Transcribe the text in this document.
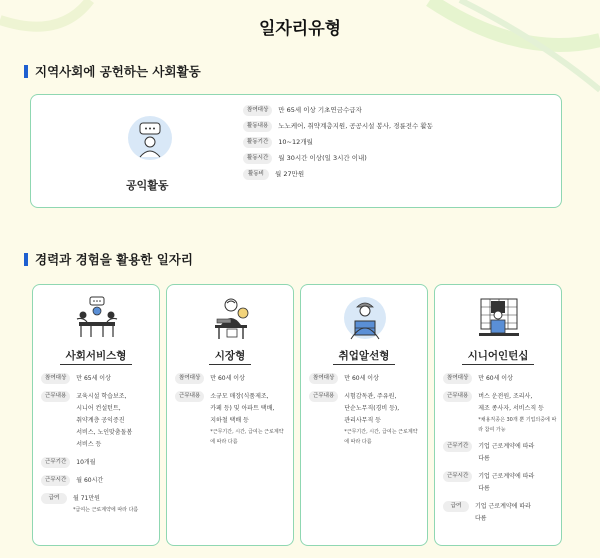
일자리유형
지역사회에 공헌하는 사회활동
공익활동
참여대상	만 65세 이상 기초연금수급자
활동내용	노노케어, 취약계층지원, 공공시설 봉사, 경륜전수 활동
활동기간	10~12개월
활동시간	월 30시간 이상(일 3시간 이내)
활동비	월 27만원
경력과 경험을 활용한 일자리
사회서비스형
참여대상	만 65세 이상
근무내용	교육시설 학습보조,
시니어 컨설턴트,
취약계층 공익증진
서비스, 노인맞춤돌봄
서비스 등
근무기간	10개월
근무시간	월 60시간
급여	월 71만원
*급여는 근로계약에 따라 다름
시장형
참여대상	만 60세 이상
근무내용	소규모 매장(식품제조,
카페 등) 및 아파트 택배,
지하철 택배 등
*근무기간, 시간, 급여는 근로계약에 따라 다름
취업알선형
참여대상	만 60세 이상
근무내용	시험감독관, 주유원,
단순노무직(경비 등),
관리사무직 등
*근무기간, 시간, 급여는 근로계약에 따라 다름
시니어인턴십
참여대상	만 60세 이상
근무내용	버스 운전원, 조리사,
제조 종사자, 서비스직 등
*채용직종은 30개 뿐 기업의중에 따라 참여 가능
근무기간	기업 근로계약에 따라
다름
근무시간	기업 근로계약에 따라
다름
급여	기업 근로계약에 따라
다름
